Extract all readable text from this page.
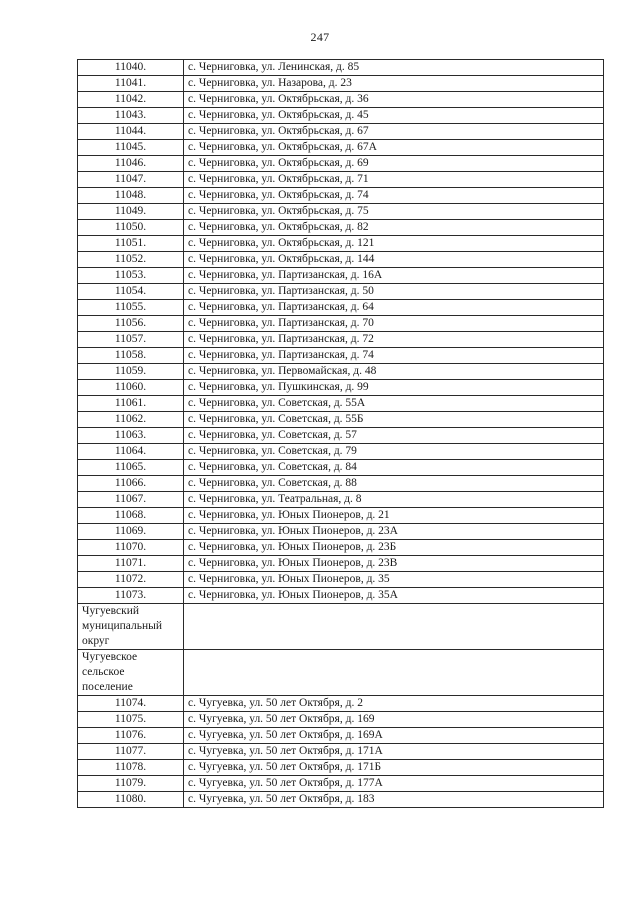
247
11040.	с. Черниговка, ул. Ленинская, д. 85
11041.	с. Черниговка, ул. Назарова, д. 23
11042.	с. Черниговка, ул. Октябрьская, д. 36
11043.	с. Черниговка, ул. Октябрьская, д. 45
11044.	с. Черниговка, ул. Октябрьская, д. 67
11045.	с. Черниговка, ул. Октябрьская, д. 67А
11046.	с. Черниговка, ул. Октябрьская, д. 69
11047.	с. Черниговка, ул. Октябрьская, д. 71
11048.	с. Черниговка, ул. Октябрьская, д. 74
11049.	с. Черниговка, ул. Октябрьская, д. 75
11050.	с. Черниговка, ул. Октябрьская, д. 82
11051.	с. Черниговка, ул. Октябрьская, д. 121
11052.	с. Черниговка, ул. Октябрьская, д. 144
11053.	с. Черниговка, ул. Партизанская, д. 16А
11054.	с. Черниговка, ул. Партизанская, д. 50
11055.	с. Черниговка, ул. Партизанская, д. 64
11056.	с. Черниговка, ул. Партизанская, д. 70
11057.	с. Черниговка, ул. Партизанская, д. 72
11058.	с. Черниговка, ул. Партизанская, д. 74
11059.	с. Черниговка, ул. Первомайская, д. 48
11060.	с. Черниговка, ул. Пушкинская, д. 99
11061.	с. Черниговка, ул. Советская, д. 55А
11062.	с. Черниговка, ул. Советская, д. 55Б
11063.	с. Черниговка, ул. Советская, д. 57
11064.	с. Черниговка, ул. Советская, д. 79
11065.	с. Черниговка, ул. Советская, д. 84
11066.	с. Черниговка, ул. Советская, д. 88
11067.	с. Черниговка, ул. Театральная, д. 8
11068.	с. Черниговка, ул. Юных Пионеров, д. 21
11069.	с. Черниговка, ул. Юных Пионеров, д. 23А
11070.	с. Черниговка, ул. Юных Пионеров, д. 23Б
11071.	с. Черниговка, ул. Юных Пионеров, д. 23В
11072.	с. Черниговка, ул. Юных Пионеров, д. 35
11073.	с. Черниговка, ул. Юных Пионеров, д. 35А

Чугуевский
муниципальный
округ	

Чугуевское
сельское
поселение	

11074.	с. Чугуевка, ул. 50 лет Октября, д. 2
11075.	с. Чугуевка, ул. 50 лет Октября, д. 169
11076.	с. Чугуевка, ул. 50 лет Октября, д. 169А
11077.	с. Чугуевка, ул. 50 лет Октября, д. 171А
11078.	с. Чугуевка, ул. 50 лет Октября, д. 171Б
11079.	с. Чугуевка, ул. 50 лет Октября, д. 177А
11080.	с. Чугуевка, ул. 50 лет Октября, д. 183
